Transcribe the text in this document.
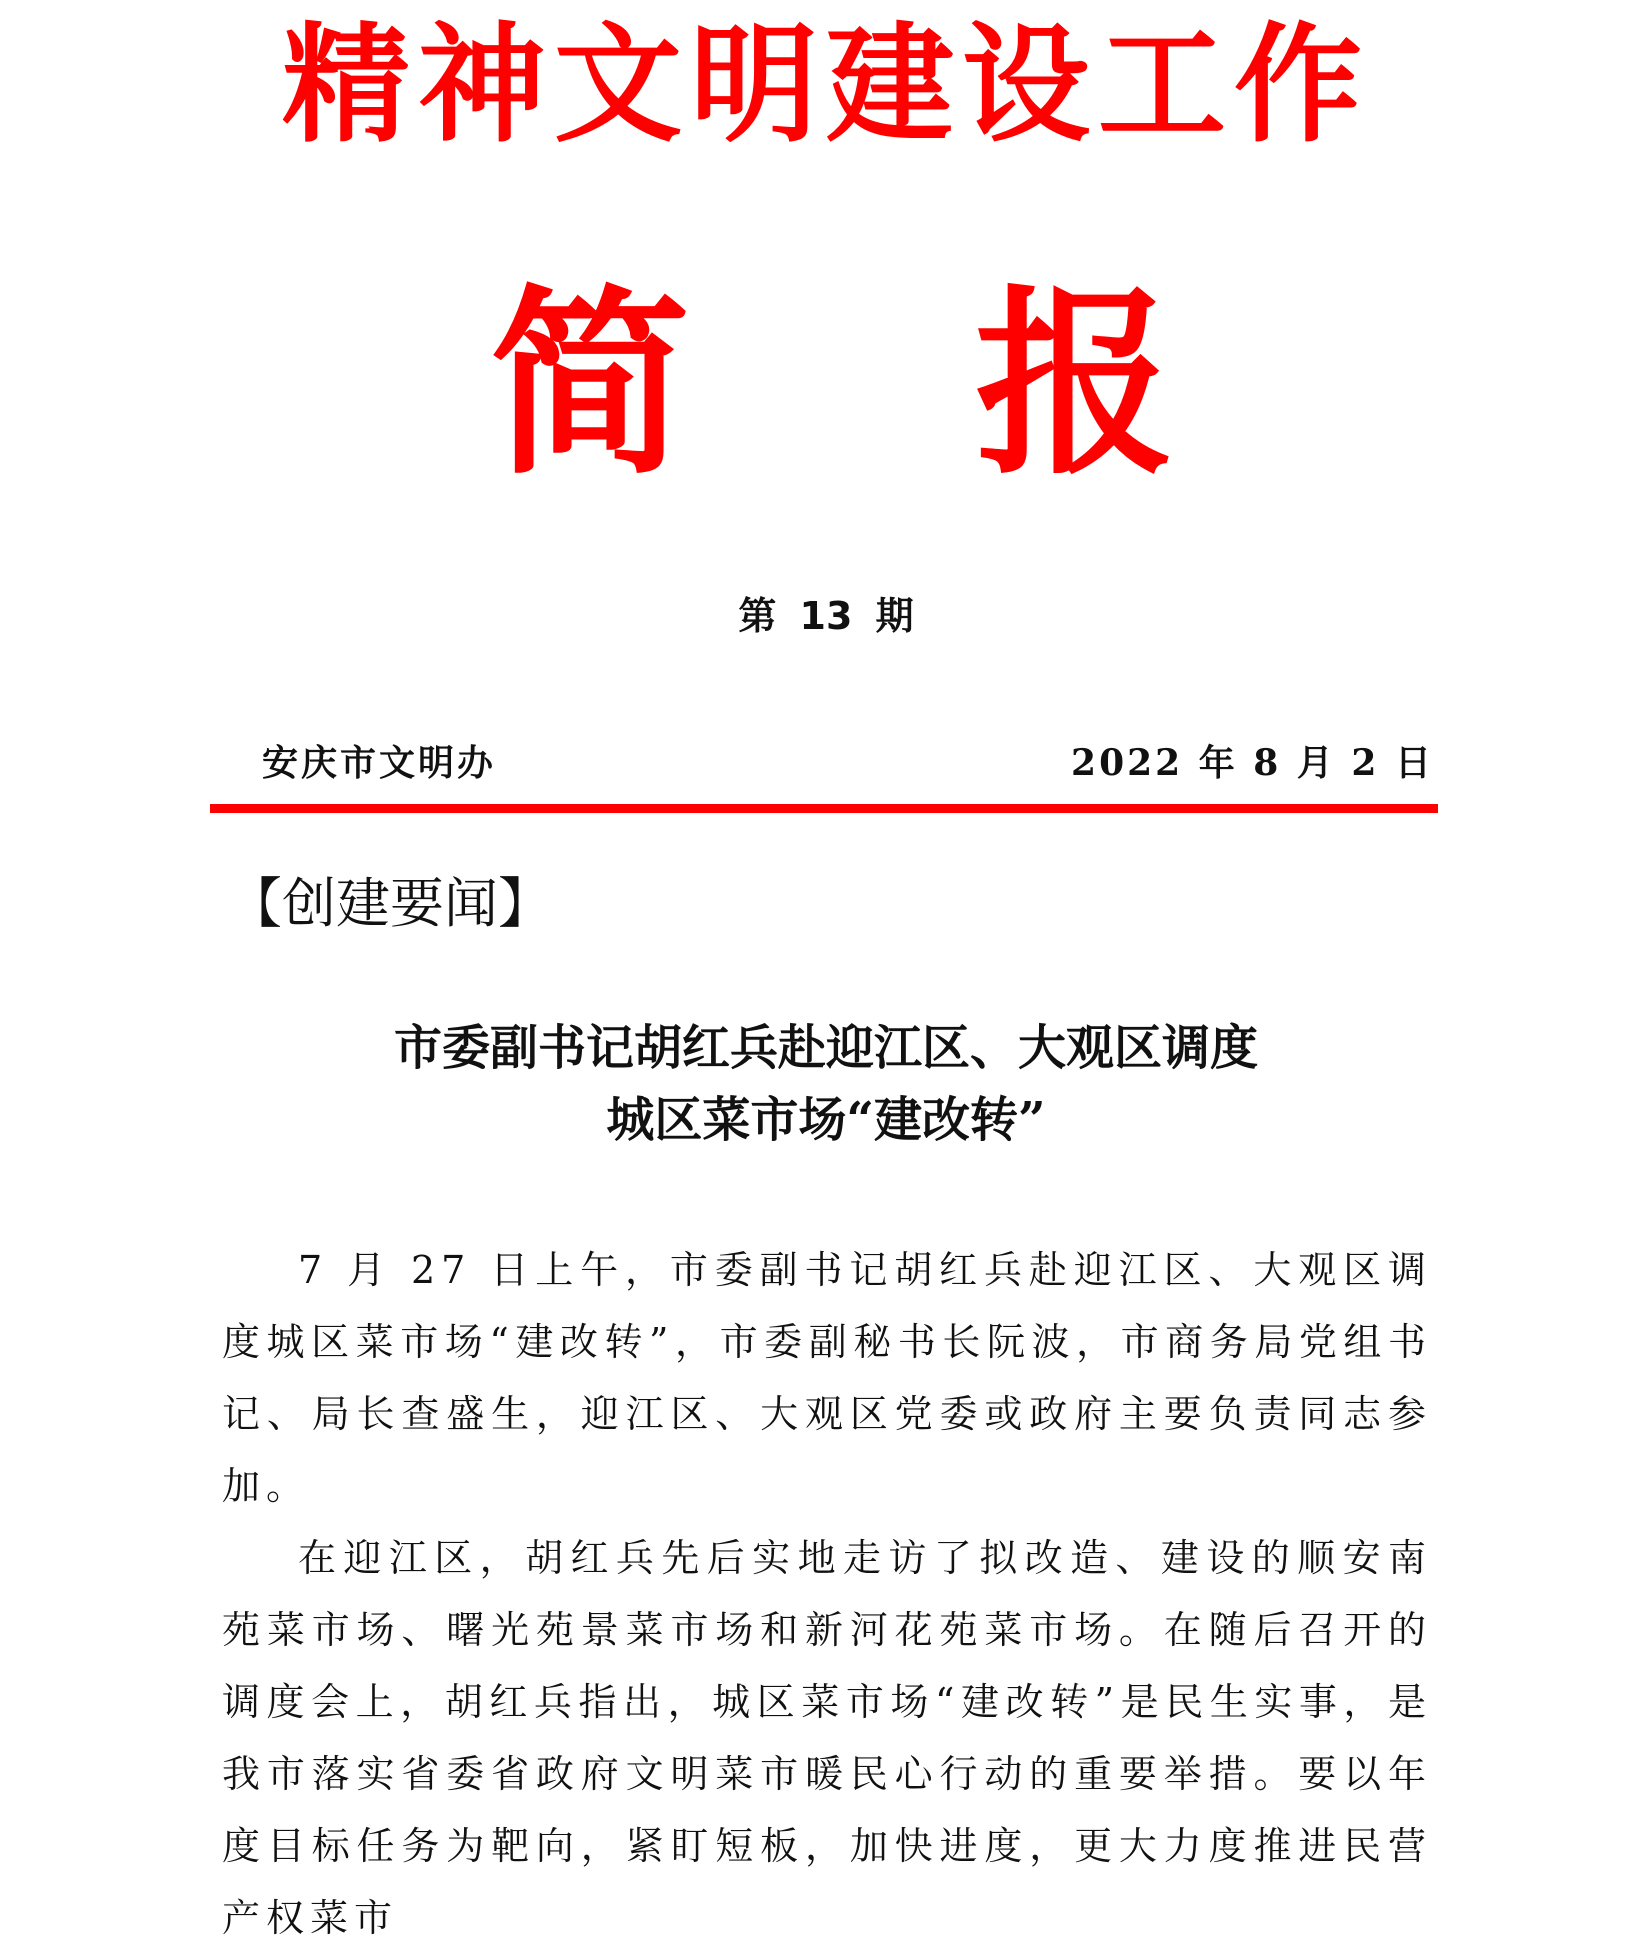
精神文明建设工作
简 报
第 13 期
安庆市文明办	2022 年 8 月 2 日
【创建要闻】
市委副书记胡红兵赴迎江区、大观区调度
城区菜市场“建改转”

7 月 27 日上午，市委副书记胡红兵赴迎江区、大观区调度城区菜市场“建改转”，市委副秘书长阮波，市商务局党组书记、局长查盛生，迎江区、大观区党委或政府主要负责同志参加。

在迎江区，胡红兵先后实地走访了拟改造、建设的顺安南苑菜市场、曙光苑景菜市场和新河花苑菜市场。在随后召开的调度会上，胡红兵指出，城区菜市场“建改转”是民生实事，是我市落实省委省政府文明菜市暖民心行动的重要举措。要以年度目标任务为靶向，紧盯短板，加快进度，更大力度推进民营产权菜市
